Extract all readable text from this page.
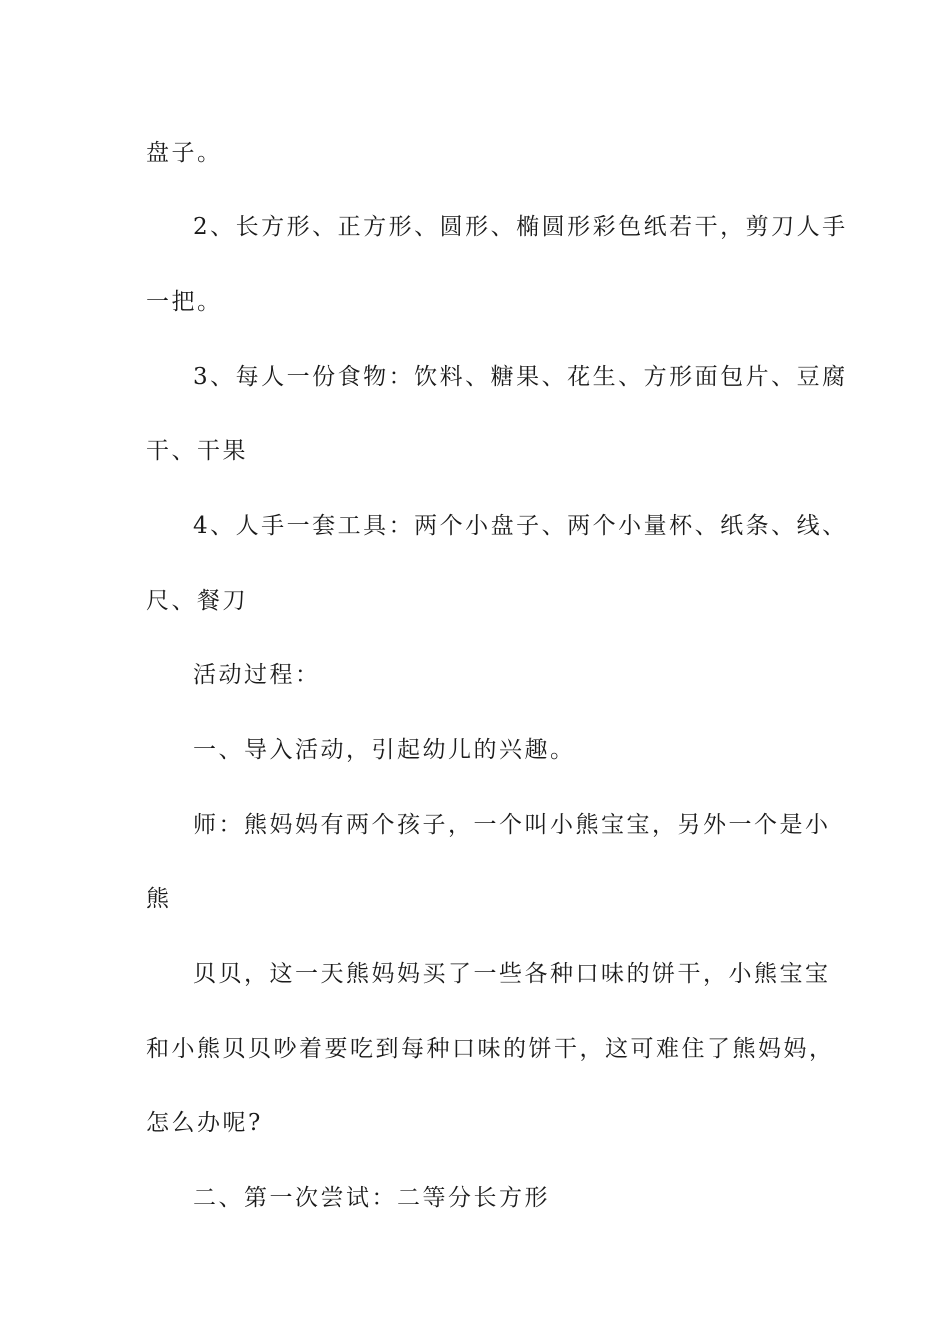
盘子。
2、长方形、正方形、圆形、椭圆形彩色纸若干，剪刀人手
一把。
3、每人一份食物：饮料、糖果、花生、方形面包片、豆腐
干、干果
4、人手一套工具：两个小盘子、两个小量杯、纸条、线、
尺、餐刀
活动过程：
一、导入活动，引起幼儿的兴趣。
师：熊妈妈有两个孩子，一个叫小熊宝宝，另外一个是小
熊
贝贝，这一天熊妈妈买了一些各种口味的饼干，小熊宝宝
和小熊贝贝吵着要吃到每种口味的饼干，这可难住了熊妈妈，
怎么办呢?
二、第一次尝试：二等分长方形
